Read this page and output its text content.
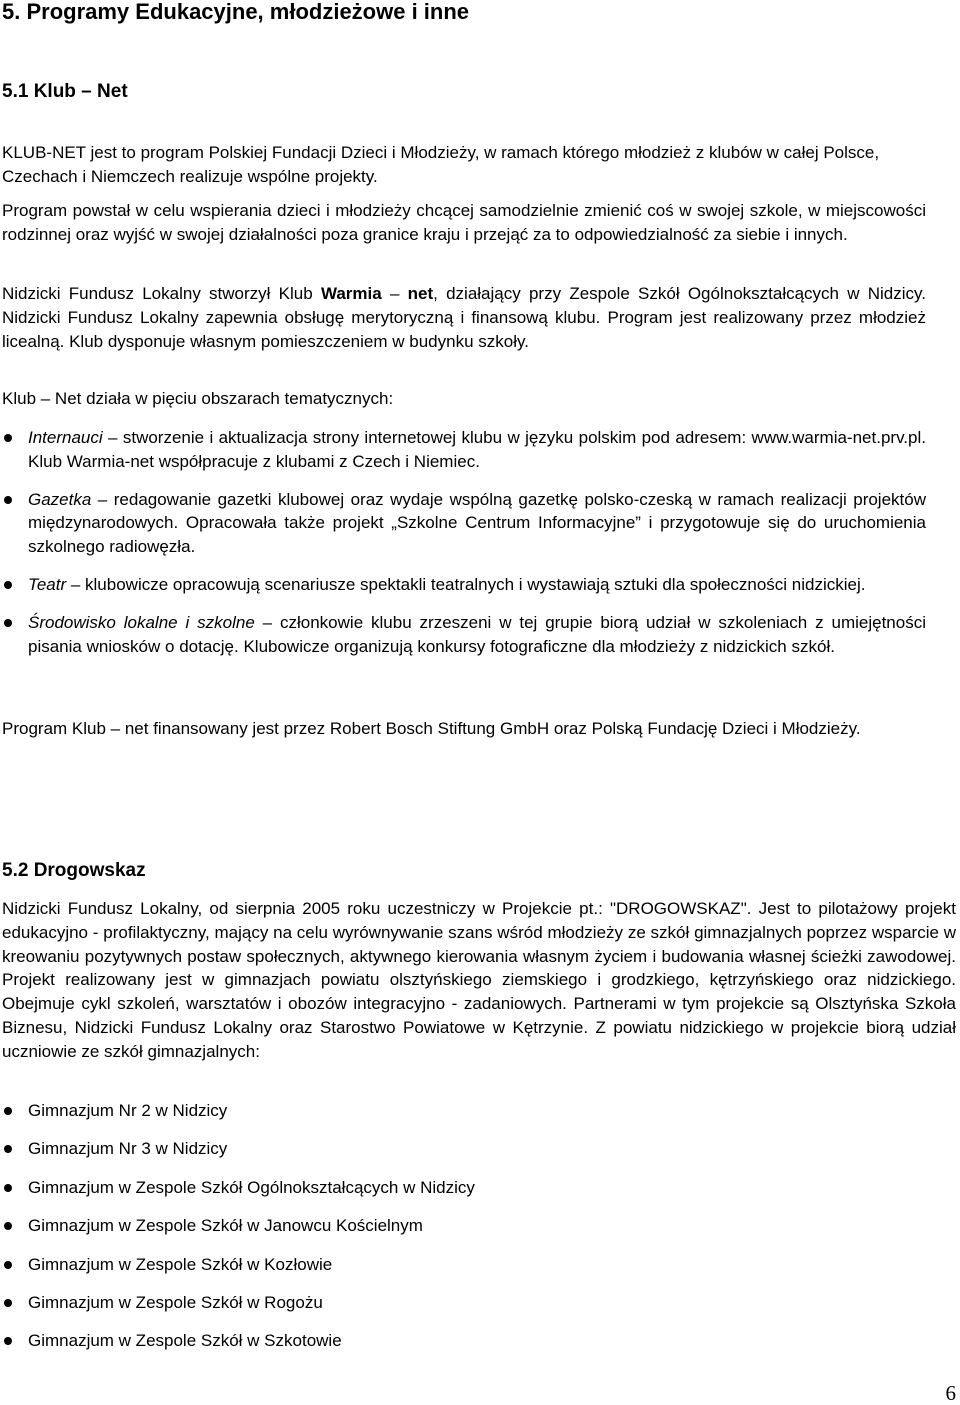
5. Programy Edukacyjne, młodzieżowe i inne
5.1 Klub – Net

KLUB-NET jest to program Polskiej Fundacji Dzieci i Młodzieży, w ramach którego młodzież z klubów w całej Polsce, Czechach i Niemczech realizuje wspólne projekty.

Program powstał w celu wspierania dzieci i młodzieży chcącej samodzielnie zmienić coś w swojej szkole, w miejscowości rodzinnej oraz wyjść w swojej działalności poza granice kraju i przejąć za to odpowiedzialność za siebie i innych.

Nidzicki Fundusz Lokalny stworzył Klub Warmia – net, działający przy Zespole Szkół Ogólnokształcących w Nidzicy. Nidzicki Fundusz Lokalny zapewnia obsługę merytoryczną i finansową klubu. Program jest realizowany przez młodzież licealną. Klub dysponuje własnym pomieszczeniem w budynku szkoły.

Klub – Net działa w pięciu obszarach tematycznych:

Internauci – stworzenie i aktualizacja strony internetowej klubu w języku polskim pod adresem: www.warmia-net.prv.pl. Klub Warmia-net współpracuje z klubami z Czech i Niemiec.
Gazetka – redagowanie gazetki klubowej oraz wydaje wspólną gazetkę polsko-czeską w ramach realizacji projektów międzynarodowych. Opracowała także projekt „Szkolne Centrum Informacyjne” i przygotowuje się do uruchomienia szkolnego radiowęzła.
Teatr – klubowicze opracowują scenariusze spektakli teatralnych i wystawiają sztuki dla społeczności nidzickiej.
Środowisko lokalne i szkolne – członkowie klubu zrzeszeni w tej grupie biorą udział w szkoleniach z umiejętności pisania wniosków o dotację. Klubowicze organizują konkursy fotograficzne dla młodzieży z nidzickich szkół.

Program Klub – net finansowany jest przez Robert Bosch Stiftung GmbH oraz Polską Fundację Dzieci i Młodzieży.

5.2 Drogowskaz

Nidzicki Fundusz Lokalny, od sierpnia 2005 roku uczestniczy w Projekcie pt.: "DROGOWSKAZ". Jest to pilotażowy projekt edukacyjno - profilaktyczny, mający na celu wyrównywanie szans wśród młodzieży ze szkół gimnazjalnych poprzez wsparcie w kreowaniu pozytywnych postaw społecznych, aktywnego kierowania własnym życiem i budowania własnej ścieżki zawodowej. Projekt realizowany jest w gimnazjach powiatu olsztyńskiego ziemskiego i grodzkiego, kętrzyńskiego oraz nidzickiego. Obejmuje cykl szkoleń, warsztatów i obozów integracyjno - zadaniowych. Partnerami w tym projekcie są Olsztyńska Szkoła Biznesu, Nidzicki Fundusz Lokalny oraz Starostwo Powiatowe w Kętrzynie. Z powiatu nidzickiego w projekcie biorą udział uczniowie ze szkół gimnazjalnych:

Gimnazjum Nr 2 w Nidzicy
Gimnazjum Nr 3 w Nidzicy
Gimnazjum w Zespole Szkół Ogólnokształcących w Nidzicy
Gimnazjum w Zespole Szkół w Janowcu Kościelnym
Gimnazjum w Zespole Szkół w Kozłowie
Gimnazjum w Zespole Szkół w Rogożu
Gimnazjum w Zespole Szkół w Szkotowie
6
